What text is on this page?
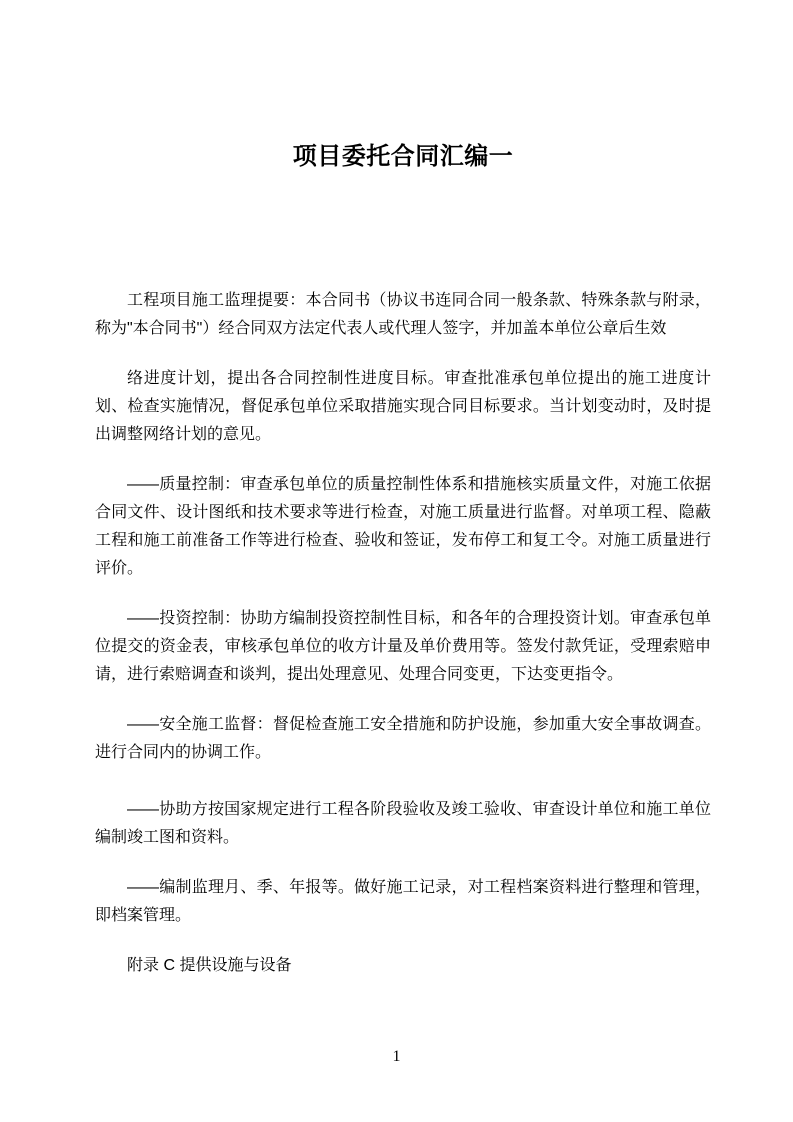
项目委托合同汇编一

工程项目施工监理提要：本合同书（协议书连同合同一般条款、特殊条款与附录，称为"本合同书"）经合同双方法定代表人或代理人签字，并加盖本单位公章后生效

络进度计划，提出各合同控制性进度目标。审查批准承包单位提出的施工进度计划、检查实施情况，督促承包单位采取措施实现合同目标要求。当计划变动时，及时提出调整网络计划的意见。

——质量控制：审查承包单位的质量控制性体系和措施核实质量文件，对施工依据合同文件、设计图纸和技术要求等进行检查，对施工质量进行监督。对单项工程、隐蔽工程和施工前准备工作等进行检查、验收和签证，发布停工和复工令。对施工质量进行评价。

——投资控制：协助方编制投资控制性目标，和各年的合理投资计划。审查承包单位提交的资金表，审核承包单位的收方计量及单价费用等。签发付款凭证，受理索赔申请，进行索赔调查和谈判，提出处理意见、处理合同变更，下达变更指令。

——安全施工监督：督促检查施工安全措施和防护设施，参加重大安全事故调查。进行合同内的协调工作。

——协助方按国家规定进行工程各阶段验收及竣工验收、审查设计单位和施工单位编制竣工图和资料。

——编制监理月、季、年报等。做好施工记录，对工程档案资料进行整理和管理，即档案管理。

附录 C 提供设施与设备

1
